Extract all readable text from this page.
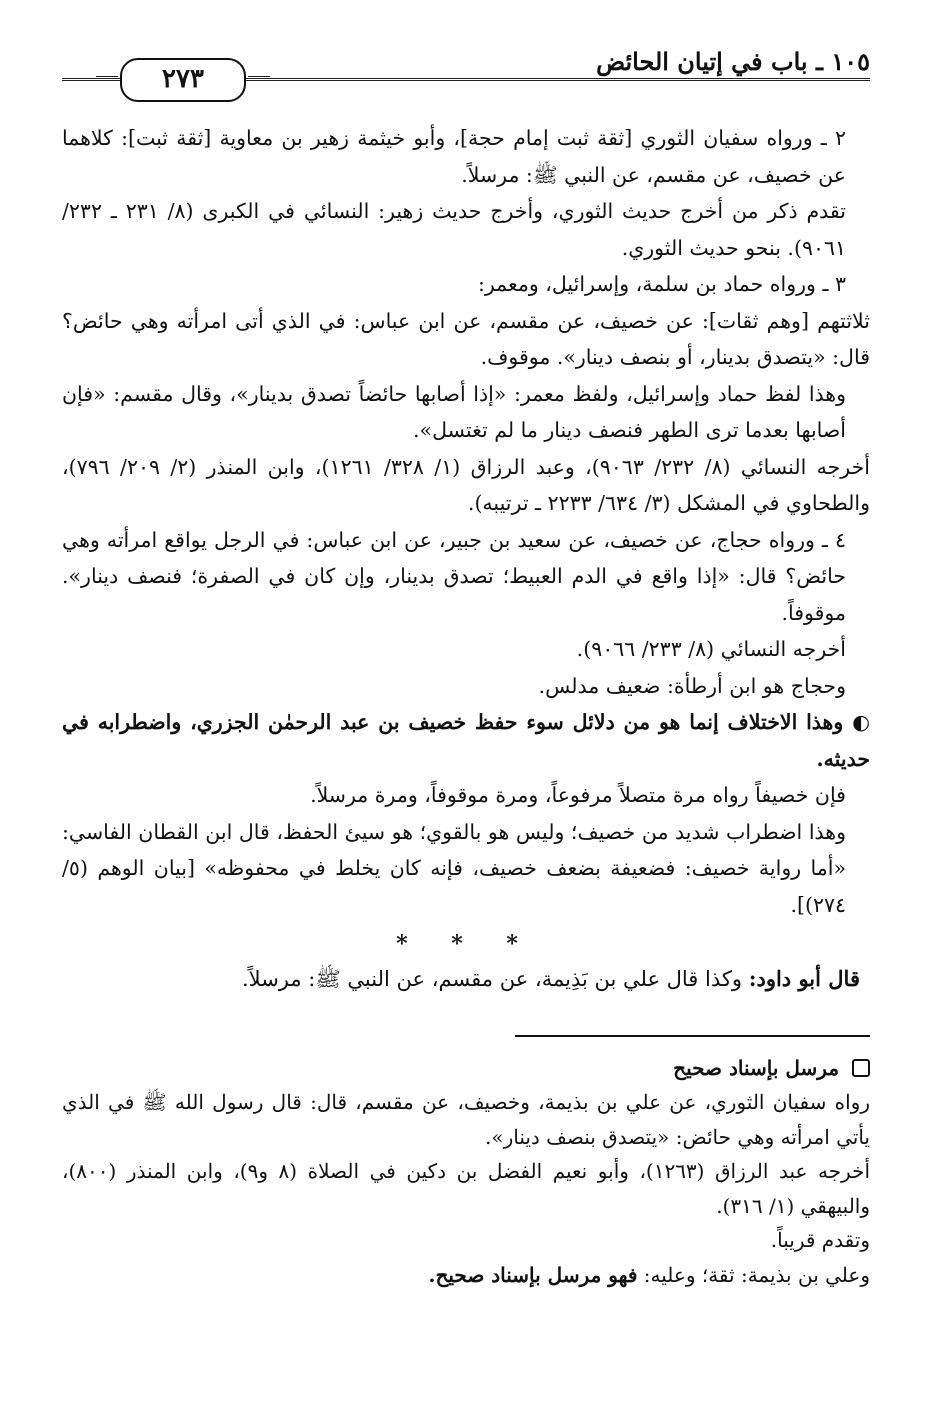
١٠٥ ـ باب في إتيان الحائض
٢٧٣

٢ ـ ورواه سفيان الثوري [ثقة ثبت إمام حجة]، وأبو خيثمة زهير بن معاوية [ثقة ثبت]: كلاهما عن خصيف، عن مقسم، عن النبي ﷺ: مرسلاً.

تقدم ذكر من أخرج حديث الثوري، وأخرج حديث زهير: النسائي في الكبرى (٨/ ٢٣١ ـ ٢٣٢/ ٩٠٦١). بنحو حديث الثوري.

٣ ـ ورواه حماد بن سلمة، وإسرائيل، ومعمر:

ثلاثتهم [وهم ثقات]: عن خصيف، عن مقسم، عن ابن عباس: في الذي أتى امرأته وهي حائض؟ قال: «يتصدق بدينار، أو بنصف دينار». موقوف.

وهذا لفظ حماد وإسرائيل، ولفظ معمر: «إذا أصابها حائضاً تصدق بدينار»، وقال مقسم: «فإن أصابها بعدما ترى الطهر فنصف دينار ما لم تغتسل».

أخرجه النسائي (٨/ ٢٣٢/ ٩٠٦٣)، وعبد الرزاق (١/ ٣٢٨/ ١٢٦١)، وابن المنذر (٢/ ٢٠٩/ ٧٩٦)، والطحاوي في المشكل (٣/ ٦٣٤/ ٢٢٣٣ ـ ترتيبه).

٤ ـ ورواه حجاج، عن خصيف، عن سعيد بن جبير، عن ابن عباس: في الرجل يواقع امرأته وهي حائض؟ قال: «إذا واقع في الدم العبيط؛ تصدق بدينار، وإن كان في الصفرة؛ فنصف دينار». موقوفاً.

أخرجه النسائي (٨/ ٢٣٣/ ٩٠٦٦).

وحجاج هو ابن أرطأة: ضعيف مدلس.

◐ وهذا الاختلاف إنما هو من دلائل سوء حفظ خصيف بن عبد الرحمٰن الجزري، واضطرابه في حديثه.

فإن خصيفاً رواه مرة متصلاً مرفوعاً، ومرة موقوفاً، ومرة مرسلاً.

وهذا اضطراب شديد من خصيف؛ وليس هو بالقوي؛ هو سيئ الحفظ، قال ابن القطان الفاسي: «أما رواية خصيف: فضعيفة بضعف خصيف، فإنه كان يخلط في محفوظه» [بيان الوهم (٥/ ٢٧٤)].

* * *

قال أبو داود: وكذا قال علي بن بَذِيمة، عن مقسم، عن النبي ﷺ: مرسلاً.

مرسل بإسناد صحيح

رواه سفيان الثوري، عن علي بن بذيمة، وخصيف، عن مقسم، قال: قال رسول الله ﷺ في الذي يأتي امرأته وهي حائض: «يتصدق بنصف دينار».

أخرجه عبد الرزاق (١٢٦٣)، وأبو نعيم الفضل بن دكين في الصلاة (٨ و٩)، وابن المنذر (٨٠٠)، والبيهقي (١/ ٣١٦).

وتقدم قريباً.

وعلي بن بذيمة: ثقة؛ وعليه: فهو مرسل بإسناد صحيح.
